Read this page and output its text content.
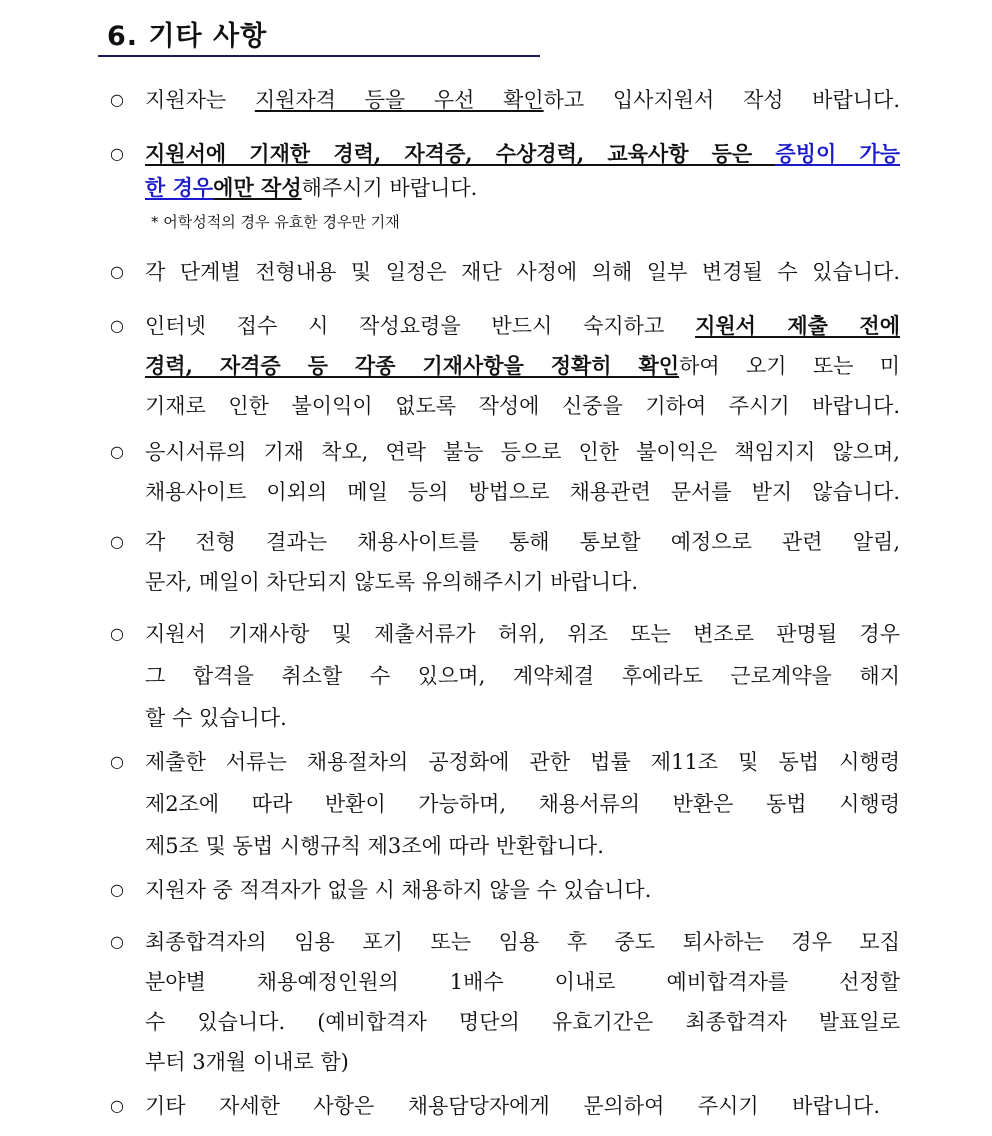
6. 기타 사항
○	지원자는 지원자격 등을 우선 확인하고 입사지원서 작성 바랍니다.
○	지원서에 기재한 경력, 자격증, 수상경력, 교육사항 등은 증빙이 가능
한 경우에만 작성해주시기 바랍니다.
* 어학성적의 경우 유효한 경우만 기재
○	각 단계별 전형내용 및 일정은 재단 사정에 의해 일부 변경될 수 있습니다.
○	인터넷 접수 시 작성요령을 반드시 숙지하고 지원서 제출 전에
경력, 자격증 등 각종 기재사항을 정확히 확인하여 오기 또는 미
기재로 인한 불이익이 없도록 작성에 신중을 기하여 주시기 바랍니다.
○	응시서류의 기재 착오, 연락 불능 등으로 인한 불이익은 책임지지 않으며,
채용사이트 이외의 메일 등의 방법으로 채용관련 문서를 받지 않습니다.
○	각 전형 결과는 채용사이트를 통해 통보할 예정으로 관련 알림,
문자, 메일이 차단되지 않도록 유의해주시기 바랍니다.
○	지원서 기재사항 및 제출서류가 허위, 위조 또는 변조로 판명될 경우
그 합격을 취소할 수 있으며, 계약체결 후에라도 근로계약을 해지
할 수 있습니다.
○	제출한 서류는 채용절차의 공정화에 관한 법률 제11조 및 동법 시행령
제2조에 따라 반환이 가능하며, 채용서류의 반환은 동법 시행령
제5조 및 동법 시행규칙 제3조에 따라 반환합니다.
○	지원자 중 적격자가 없을 시 채용하지 않을 수 있습니다.
○	최종합격자의 임용 포기 또는 임용 후 중도 퇴사하는 경우 모집
분야별 채용예정인원의 1배수 이내로 예비합격자를 선정할
수 있습니다. (예비합격자 명단의 유효기간은 최종합격자 발표일로
부터 3개월 이내로 함)
○	기타 자세한 사항은 채용담당자에게 문의하여 주시기 바랍니다.
